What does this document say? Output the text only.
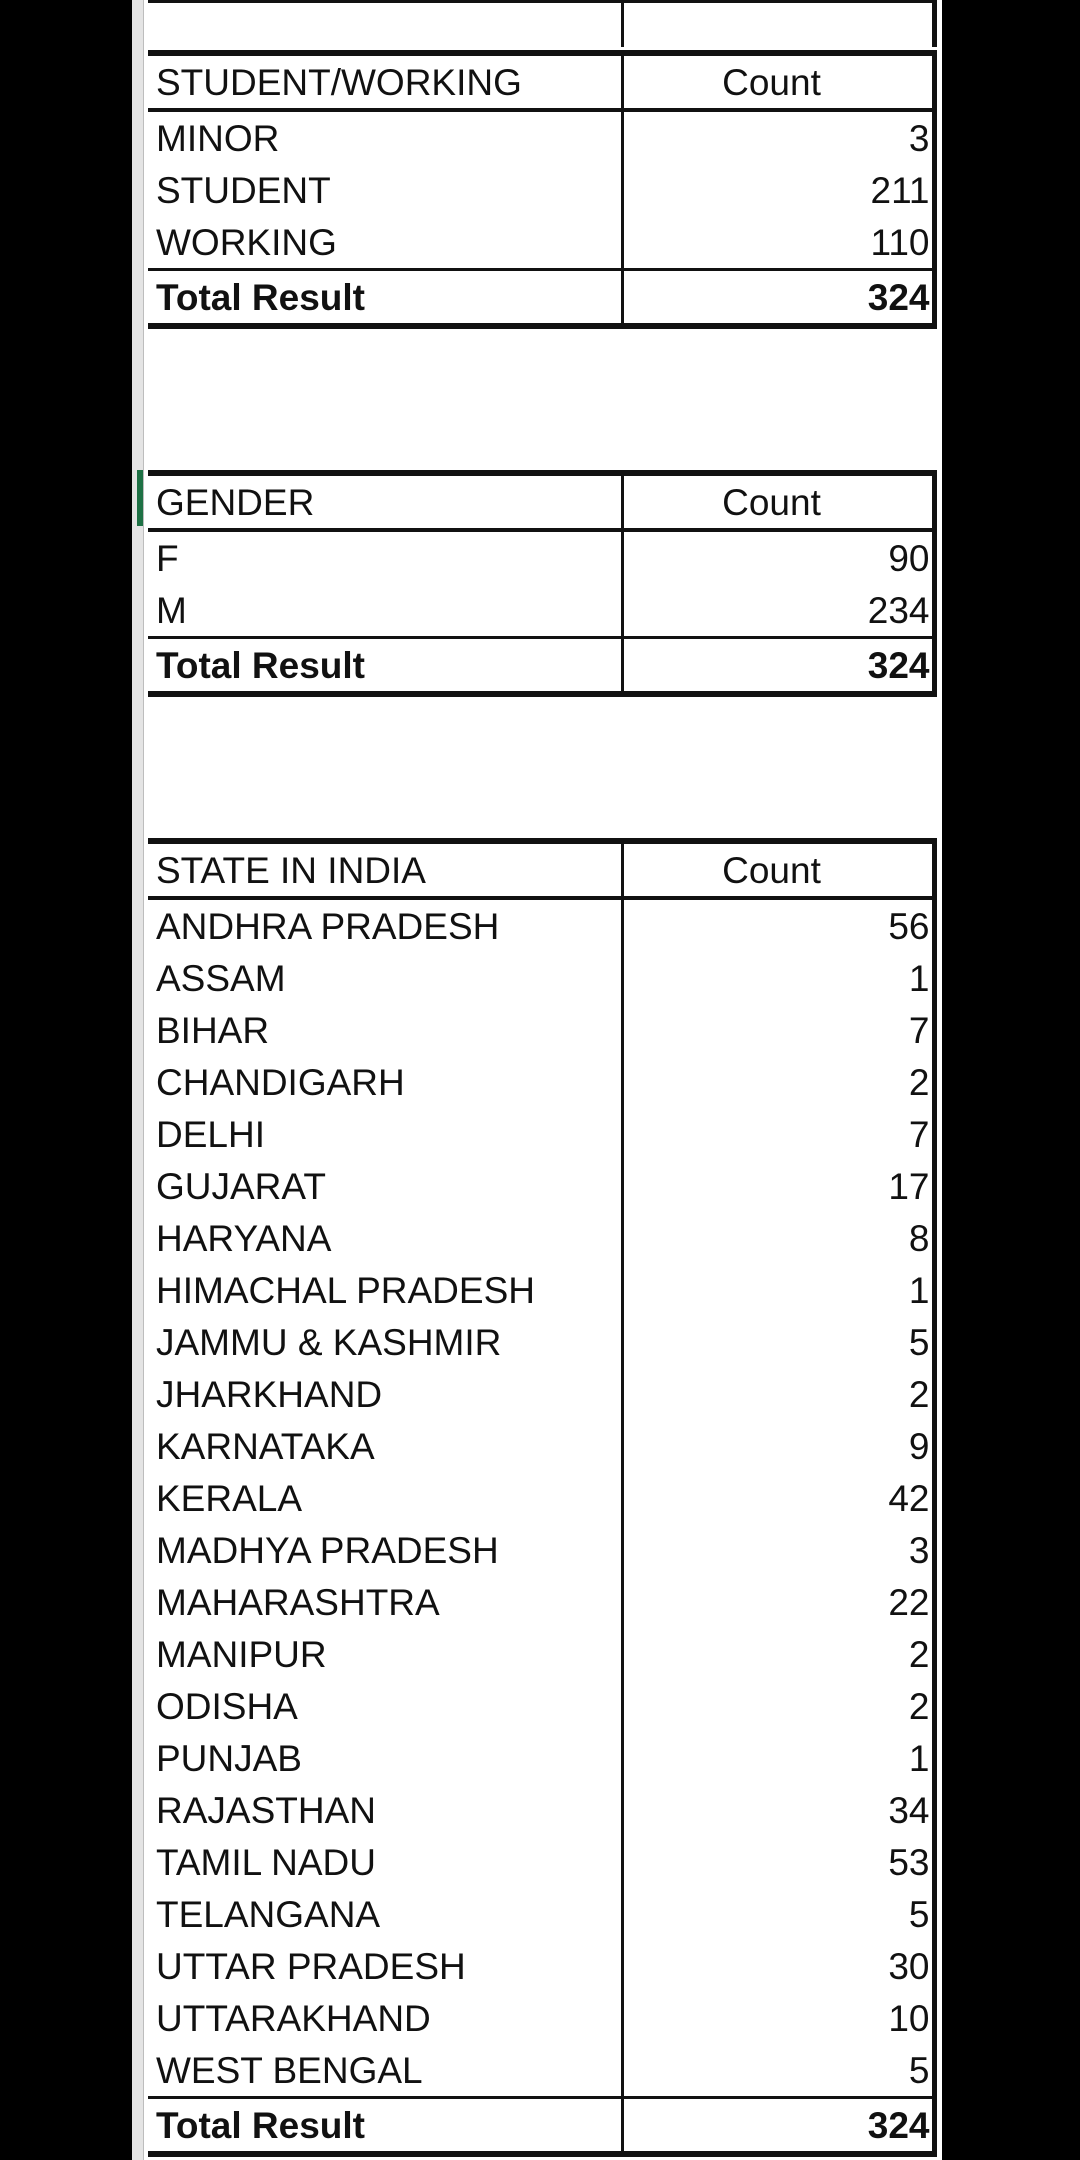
STUDENT/WORKING	Count
MINOR	3
STUDENT	211
WORKING	110
Total Result	324
GENDER	Count
F	90
M	234
Total Result	324
STATE IN INDIA	Count
ANDHRA PRADESH	56
ASSAM	1
BIHAR	7
CHANDIGARH	2
DELHI	7
GUJARAT	17
HARYANA	8
HIMACHAL PRADESH	1
JAMMU & KASHMIR	5
JHARKHAND	2
KARNATAKA	9
KERALA	42
MADHYA PRADESH	3
MAHARASHTRA	22
MANIPUR	2
ODISHA	2
PUNJAB	1
RAJASTHAN	34
TAMIL NADU	53
TELANGANA	5
UTTAR PRADESH	30
UTTARAKHAND	10
WEST BENGAL	5
Total Result	324
